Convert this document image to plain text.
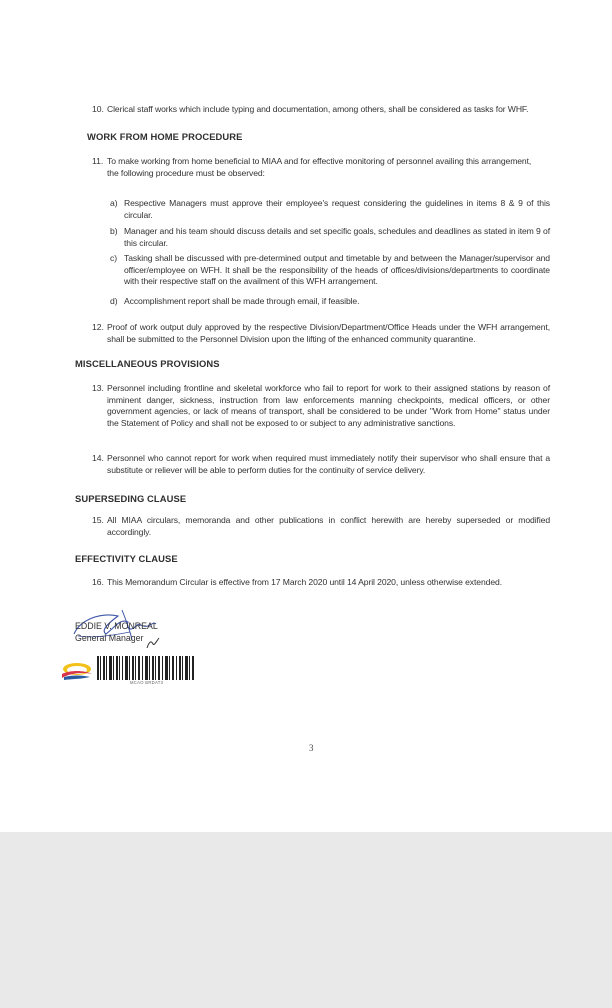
10. Clerical staff works which include typing and documentation, among others, shall be considered as tasks for WHF.
WORK FROM HOME PROCEDURE
11. To make working from home beneficial to MIAA and for effective monitoring of personnel availing this arrangement,
the following procedure must be observed:
a) Respective Managers must approve their employee's request considering the guidelines in items 8 & 9 of this circular.
b) Manager and his team should discuss details and set specific goals, schedules and deadlines as stated in item 9 of this circular.
c) Tasking shall be discussed with pre-determined output and timetable by and between the Manager/supervisor and officer/employee on WFH. It shall be the responsibility of the heads of offices/divisions/departments to coordinate with their respective staff on the availment of this WFH arrangement.
d) Accomplishment report shall be made through email, if feasible.
12. Proof of work output duly approved by the respective Division/Department/Office Heads under the WFH arrangement, shall be submitted to the Personnel Division upon the lifting of the enhanced community quarantine.
MISCELLANEOUS PROVISIONS
13. Personnel including frontline and skeletal workforce who fail to report for work to their assigned stations by reason of imminent danger, sickness, instruction from law enforcements manning checkpoints, medical officers, or other government agencies, or lack of means of transport, shall be considered to be under "Work from Home" status under the Statement of Policy and shall not be exposed to or subject to any administrative sanctions.
14. Personnel who cannot report for work when required must immediately notify their supervisor who shall ensure that a substitute or reliever will be able to perform duties for the continuity of service delivery.
SUPERSEDING CLAUSE
15. All MIAA circulars, memoranda and other publications in conflict herewith are hereby superseded or modified accordingly.
EFFECTIVITY CLAUSE
16. This Memorandum Circular is effective from 17 March 2020 until 14 April 2020, unless otherwise extended.
EDDIE V. MONREAL
General Manager
MCAO BRDAT3
3
